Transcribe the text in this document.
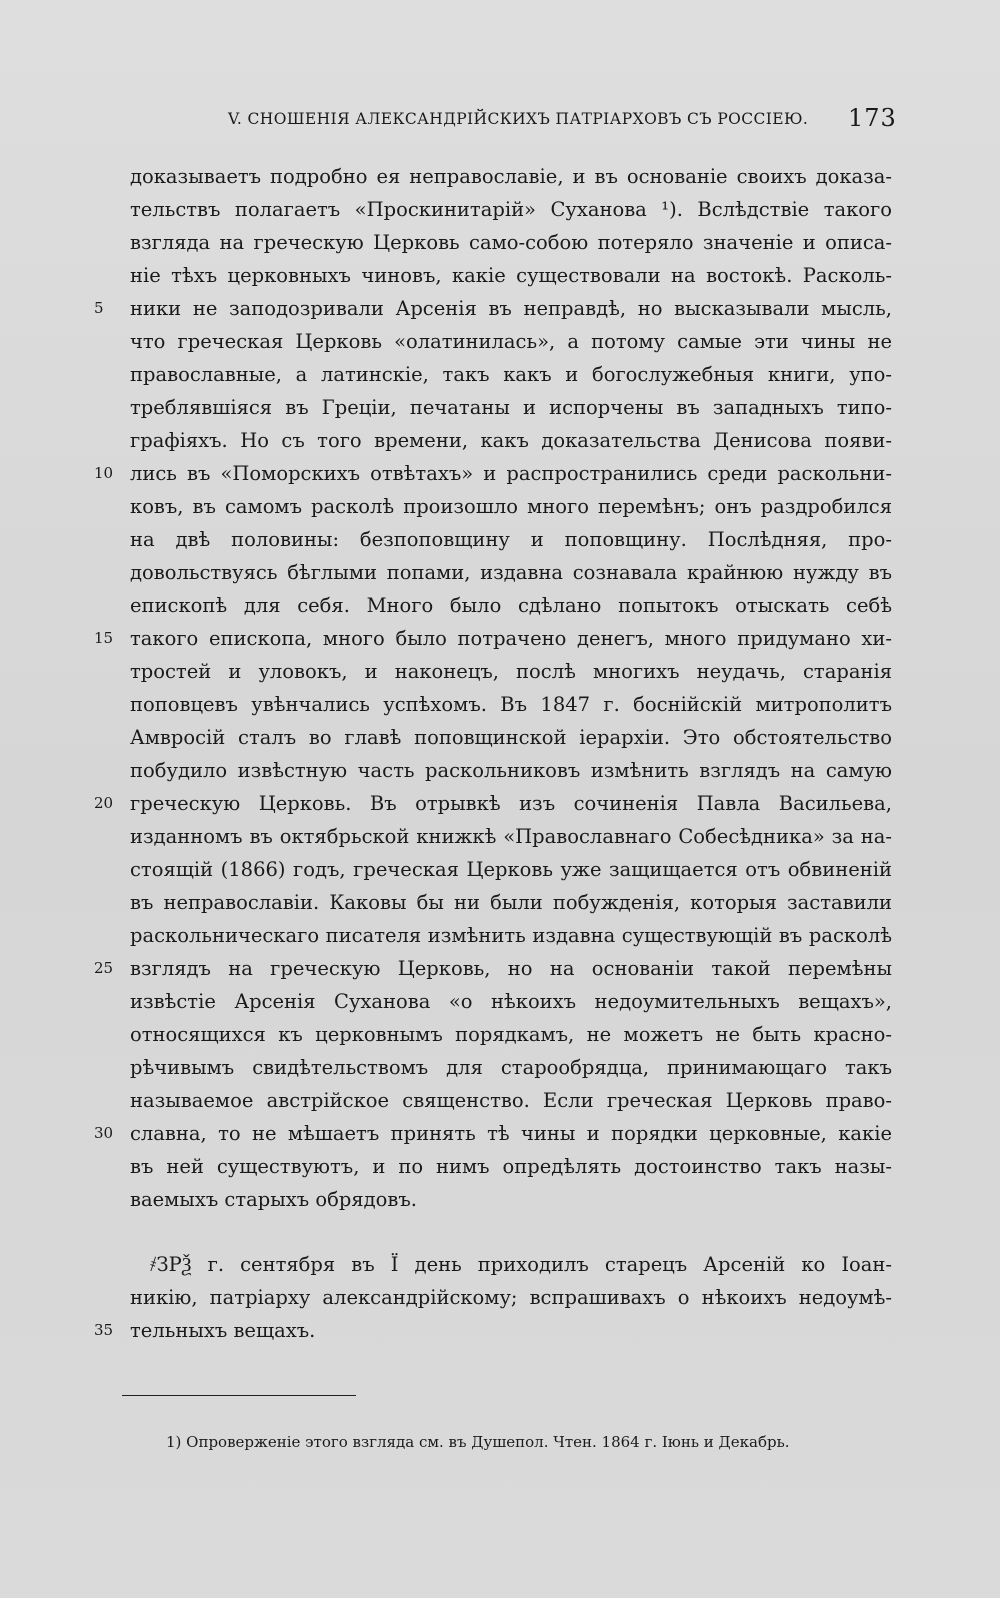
V. СНОШЕНІЯ АЛЕКСАНДРІЙСКИХЪ ПАТРІАРХОВЪ СЪ РОССІЕЮ. 173
доказываетъ подробно ея неправославіе, и въ основаніе своихъ доказа-
тельствъ полагаетъ «Проскинитарій» Суханова ¹). Вслѣдствіе такого
взгляда на греческую Церковь само-собою потеряло значеніе и описа-
ніе тѣхъ церковныхъ чиновъ, какіе существовали на востокѣ. Расколь-
ники не заподозривали Арсенія въ неправдѣ, но высказывали мысль,
что греческая Церковь «олатинилась», а потому самые эти чины не
православные, а латинскіе, такъ какъ и богослужебныя книги, упо-
треблявшіяся въ Греціи, печатаны и испорчены въ западныхъ типо-
графіяхъ. Но съ того времени, какъ доказательства Денисова появи-
лись въ «Поморскихъ отвѣтахъ» и распространились среди раскольни-
ковъ, въ самомъ расколѣ произошло много перемѣнъ; онъ раздробился
на двѣ половины: безпоповщину и поповщину. Послѣдняя, про-
довольствуясь бѣглыми попами, издавна сознавала крайнюю нужду въ
епископѣ для себя. Много было сдѣлано попытокъ отыскать себѣ
такого епископа, много было потрачено денегъ, много придумано хи-
тростей и уловокъ, и наконецъ, послѣ многихъ неудачь, старанія
поповцевъ увѣнчались успѣхомъ. Въ 1847 г. боснійскій митрополитъ
Амвросій сталъ во главѣ поповщинской іерархіи. Это обстоятельство
побудило извѣстную часть раскольниковъ измѣнить взглядъ на самую
греческую Церковь. Въ отрывкѣ изъ сочиненія Павла Васильева,
изданномъ въ октябрьской книжкѣ «Православнаго Собесѣдника» за на-
стоящій (1866) годъ, греческая Церковь уже защищается отъ обвиненій
въ неправославіи. Каковы бы ни были побужденія, которыя заставили
раскольническаго писателя измѣнить издавна существующій въ расколѣ
взглядъ на греческую Церковь, но на основаніи такой перемѣны
извѣстіе Арсенія Суханова «о нѣкоихъ недоумительныхъ вещахъ»,
относящихся къ церковнымъ порядкамъ, не можетъ не быть красно-
рѣчивымъ свидѣтельствомъ для старообрядца, принимающаго такъ
называемое австрійское священство. Если греческая Церковь право-
славна, то не мѣшаетъ принять тѣ чины и порядки церковные, какіе
въ ней существуютъ, и по нимъ опредѣлять достоинство такъ назы-
ваемыхъ старыхъ обрядовъ.
҂ЗРѮ г. сентября въ Ї день приходилъ старецъ Арсеній ко Іоан-
никію, патріарху александрійскому; вспрашивахъ о нѣкоихъ недоумѣ-
тельныхъ вещахъ.
5
10
15
20
25
30
35
1) Опроверженіе этого взгляда см. въ Душепол. Чтен. 1864 г. Іюнь и Декабрь.
